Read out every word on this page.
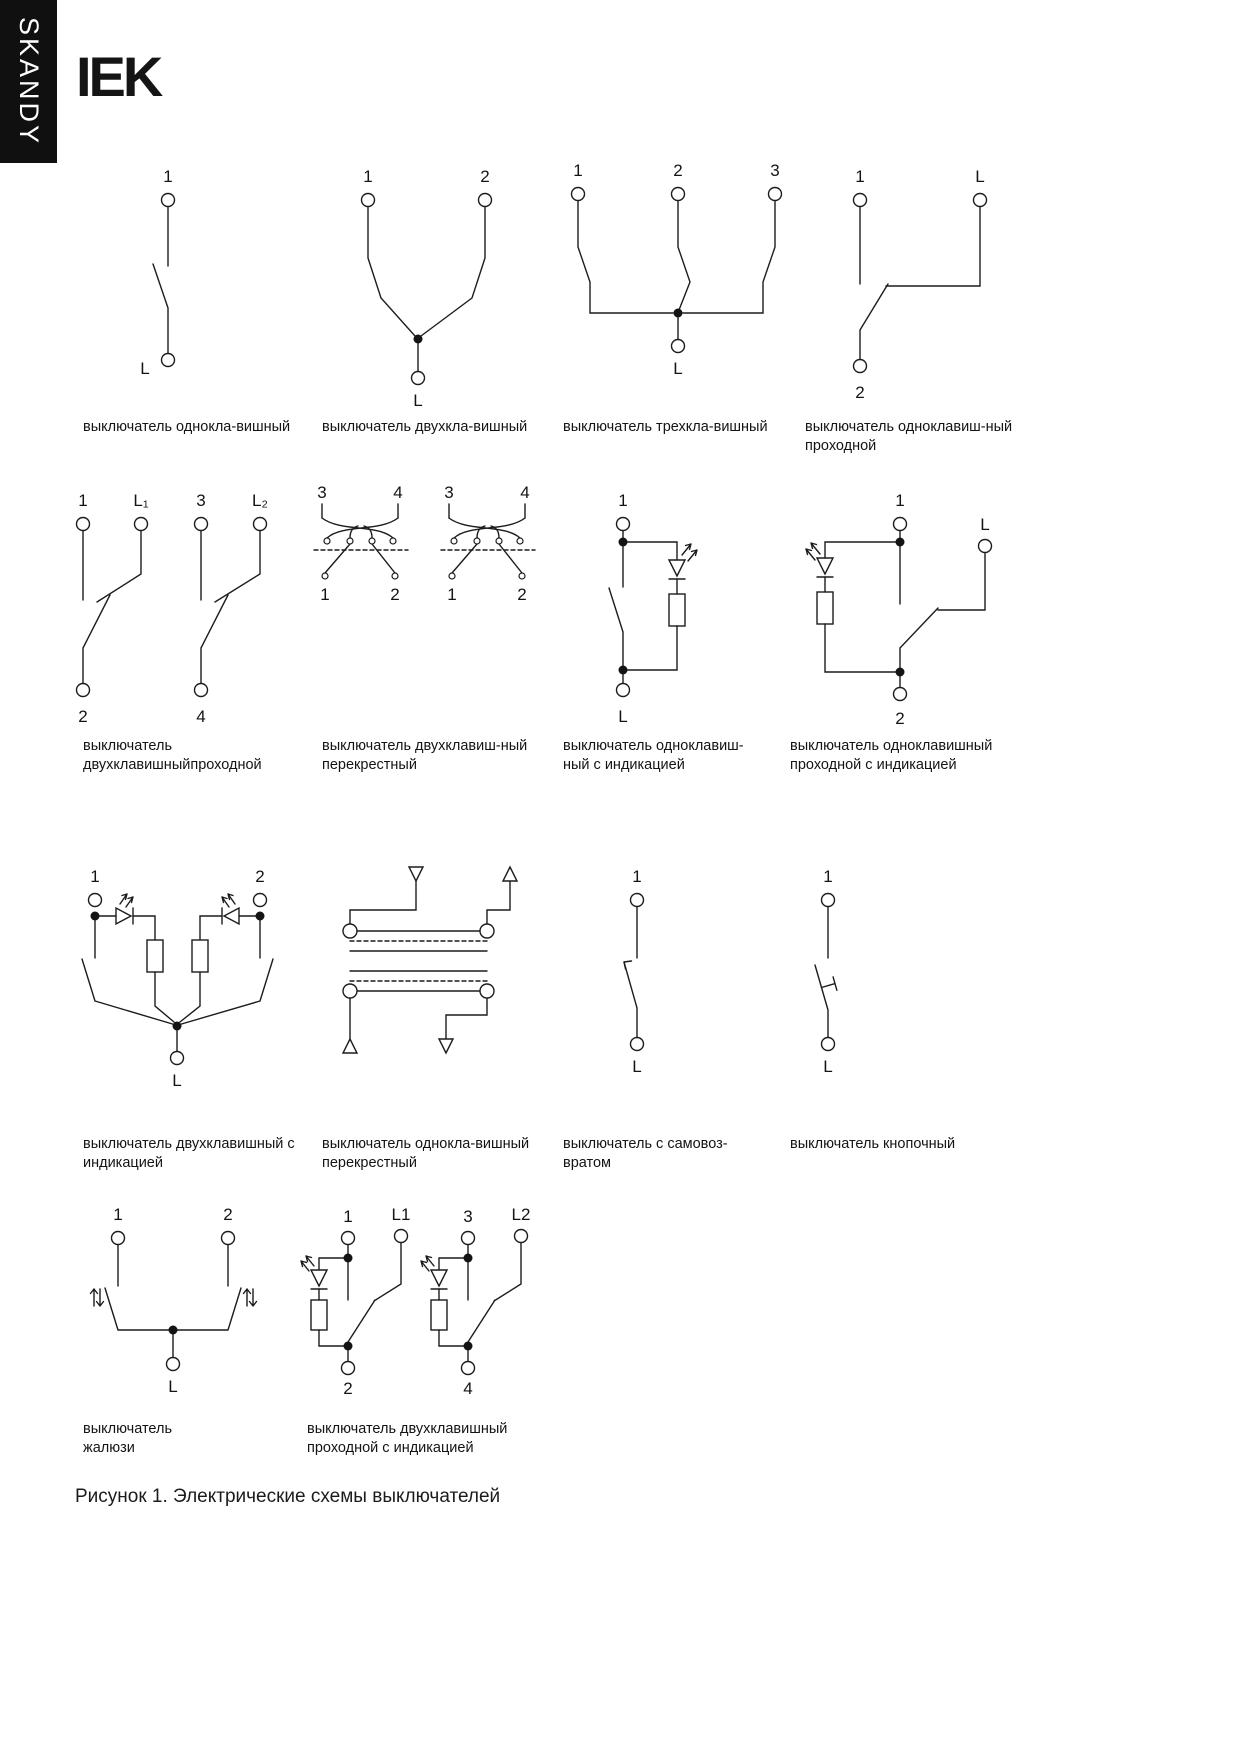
SKANDY IEK
1
L
1	2
L
1	2	3
L
1	L
2
1	L₁	3	L₂
2	4
3	4
1	2
3	4
1	2
1
L
1
L
2
1	2
L
1
L
1
L
1	2
L
1 L1	3 L2
2	4
выключатель однокла-вишный выключатель двухкла-вишный выключатель трехкла-вишный	выключатель одноклавиш-ный
проходной
выключатель
двухклавишныйпроходной
выключатель двухклавиш-ный
перекрестный
выключатель одноклавиш-
ный с индикацией
выключатель одноклавишный
проходной с индикацией
выключатель двухклавишный с
индикацией
выключатель однокла-вишный
перекрестный
выключатель с самовоз-
вратом
выключатель кнопочный
выключатель
жалюзи
выключатель двухклавишный
проходной с индикацией
Рисунок 1. Электрические схемы выключателей
